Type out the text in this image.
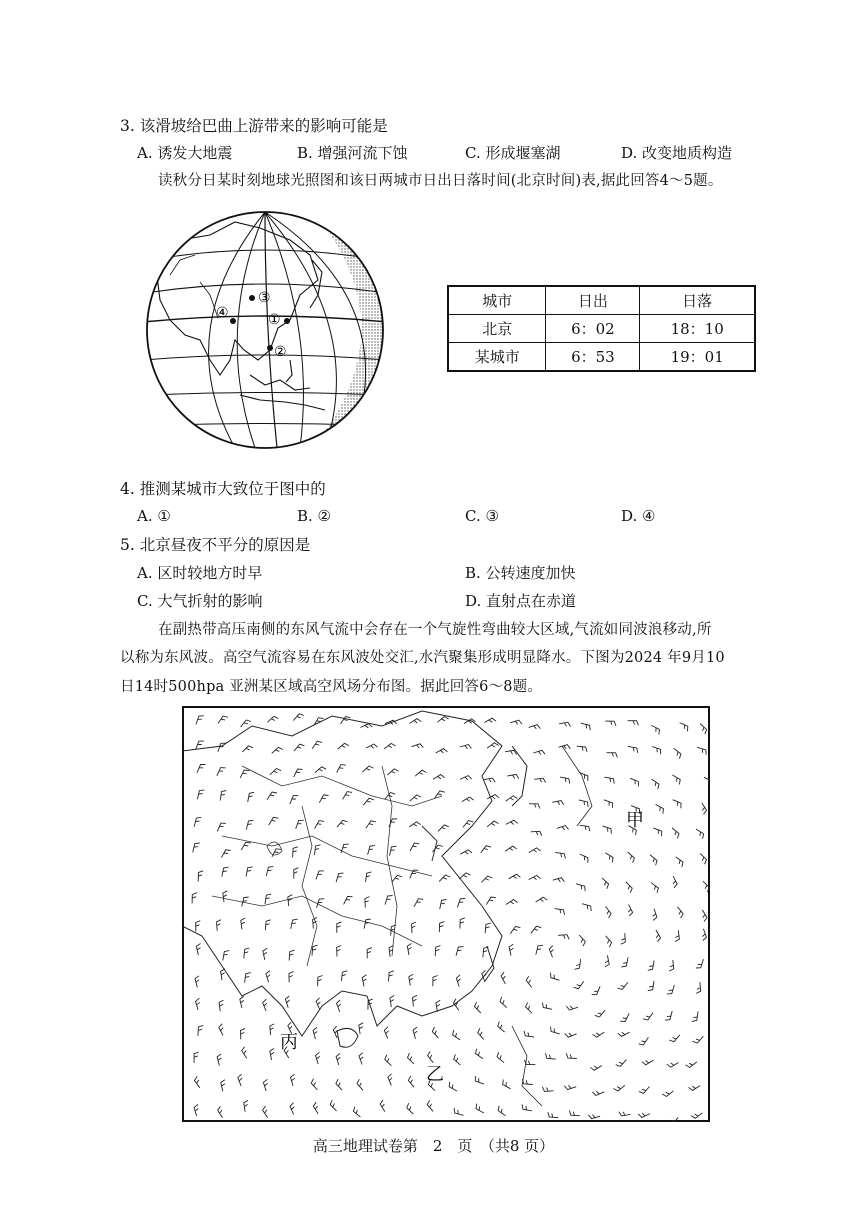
3. 该滑坡给巴曲上游带来的影响可能是
A. 诱发大地震	B. 增强河流下蚀	C. 形成堰塞湖	D. 改变地质构造
读秋分日某时刻地球光照图和该日两城市日出日落时间(北京时间)表,据此回答4～5题。
③
①
④
②
城市	日出	日落
北京	6：02	18：10
某城市	6：53	19：01
4. 推测某城市大致位于图中的
A. ①	B. ②	C. ③	D. ④
5. 北京昼夜不平分的原因是
A. 区时较地方时早	B. 公转速度加快
C. 大气折射的影响	D. 直射点在赤道
在副热带高压南侧的东风气流中会存在一个气旋性弯曲较大区域,气流如同波浪移动,所
以称为东风波。高空气流容易在东风波处交汇,水汽聚集形成明显降水。下图为2024 年9月10
日14时500hpa 亚洲某区域高空风场分布图。据此回答6～8题。
甲
乙
丙
高三地理试卷第　2　页　（共8 页）
